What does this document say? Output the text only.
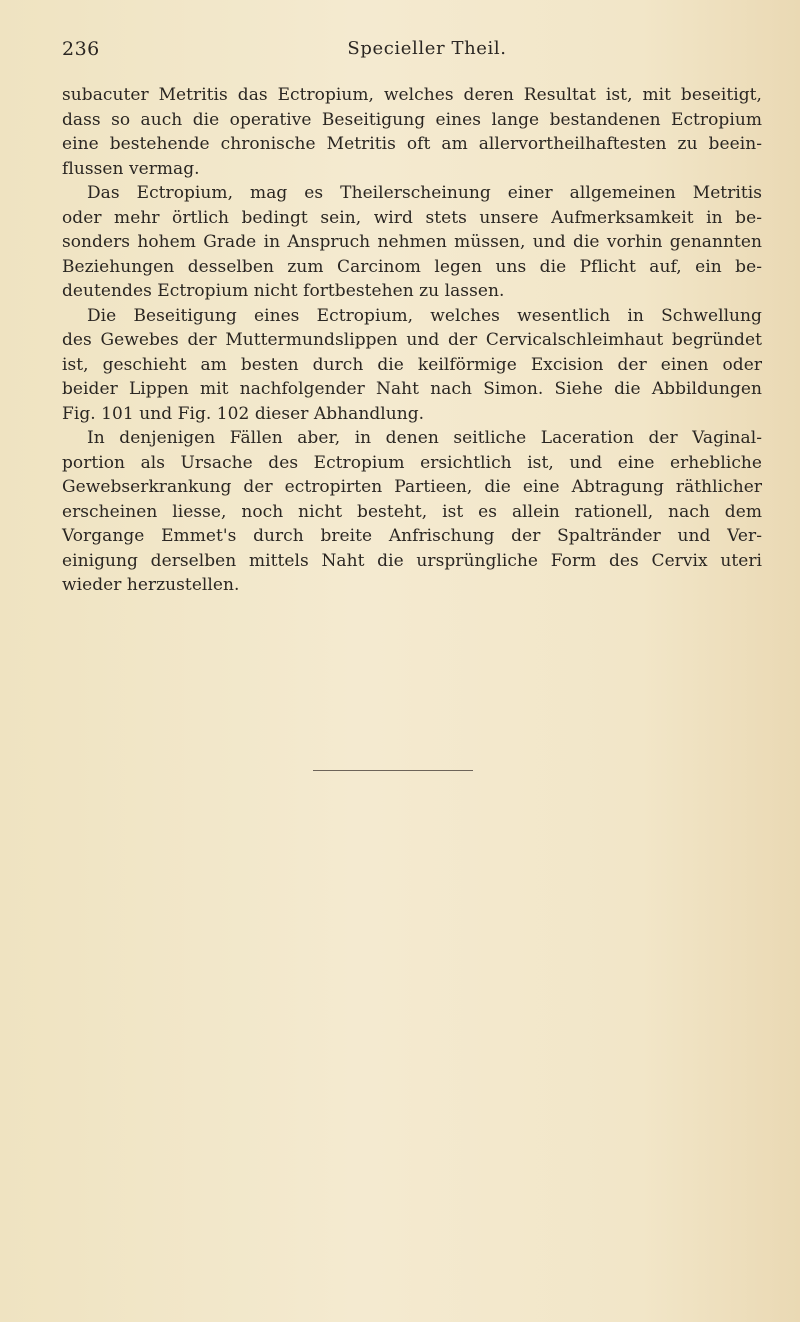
236	Specieller Theil.
subacuter Metritis das Ectropium, welches deren Resultat ist, mit beseitigt,
dass so auch die operative Beseitigung eines lange bestandenen Ectropium
eine bestehende chronische Metritis oft am allervortheilhaftesten zu beein-
flussen vermag.
Das Ectropium, mag es Theilerscheinung einer allgemeinen Metritis
oder mehr örtlich bedingt sein, wird stets unsere Aufmerksamkeit in be-
sonders hohem Grade in Anspruch nehmen müssen, und die vorhin genannten
Beziehungen desselben zum Carcinom legen uns die Pflicht auf, ein be-
deutendes Ectropium nicht fortbestehen zu lassen.
Die Beseitigung eines Ectropium, welches wesentlich in Schwellung
des Gewebes der Muttermundslippen und der Cervicalschleimhaut begründet
ist, geschieht am besten durch die keilförmige Excision der einen oder
beider Lippen mit nachfolgender Naht nach Simon. Siehe die Abbildungen
Fig. 101 und Fig. 102 dieser Abhandlung.
In denjenigen Fällen aber, in denen seitliche Laceration der Vaginal-
portion als Ursache des Ectropium ersichtlich ist, und eine erhebliche
Gewebserkrankung der ectropirten Partieen, die eine Abtragung räthlicher
erscheinen liesse, noch nicht besteht, ist es allein rationell, nach dem
Vorgange Emmet's durch breite Anfrischung der Spaltränder und Ver-
einigung derselben mittels Naht die ursprüngliche Form des Cervix uteri
wieder herzustellen.
